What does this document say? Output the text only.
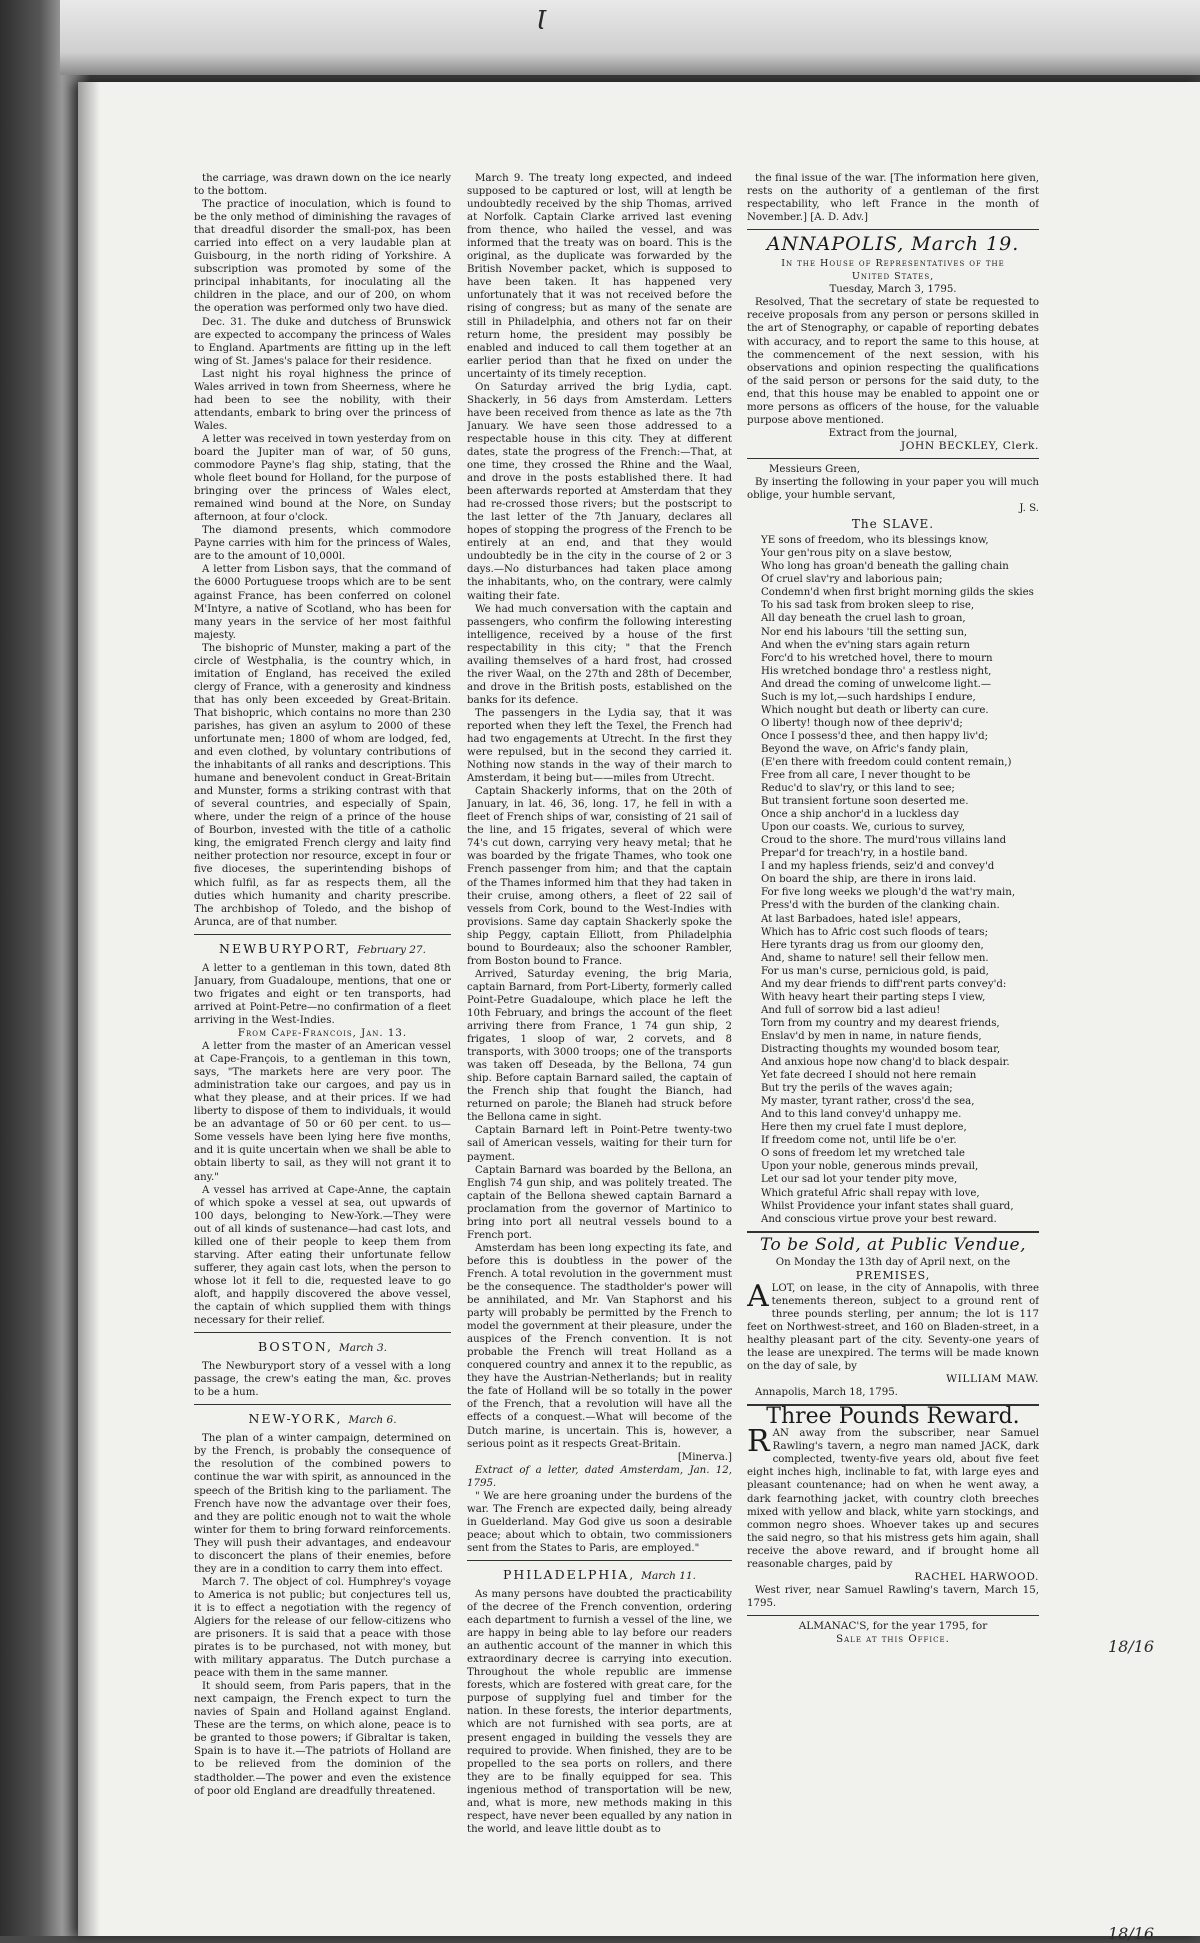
Ɩ

the carriage, was drawn down on the ice nearly to the bottom.

The practice of inoculation, which is found to be the only method of diminishing the ravages of that dreadful disorder the small-pox, has been carried into effect on a very laudable plan at Guisbourg, in the north riding of Yorkshire. A subscription was promoted by some of the principal inhabitants, for inoculating all the children in the place, and our of 200, on whom the operation was performed only two have died.

Dec. 31. The duke and dutchess of Brunswick are expected to accompany the princess of Wales to England. Apartments are fitting up in the left wing of St. James's palace for their residence.

Last night his royal highness the prince of Wales arrived in town from Sheerness, where he had been to see the nobility, with their attendants, embark to bring over the princess of Wales.

A letter was received in town yesterday from on board the Jupiter man of war, of 50 guns, commodore Payne's flag ship, stating, that the whole fleet bound for Holland, for the purpose of bringing over the princess of Wales elect, remained wind bound at the Nore, on Sunday afternoon, at four o'clock.

The diamond presents, which commodore Payne carries with him for the princess of Wales, are to the amount of 10,000l.

A letter from Lisbon says, that the command of the 6000 Portuguese troops which are to be sent against France, has been conferred on colonel M'Intyre, a native of Scotland, who has been for many years in the service of her most faithful majesty.

The bishopric of Munster, making a part of the circle of Westphalia, is the country which, in imitation of England, has received the exiled clergy of France, with a generosity and kindness that has only been exceeded by Great-Britain. That bishopric, which contains no more than 230 parishes, has given an asylum to 2000 of these unfortunate men; 1800 of whom are lodged, fed, and even clothed, by voluntary contributions of the inhabitants of all ranks and descriptions. This humane and benevolent conduct in Great-Britain and Munster, forms a striking contrast with that of several countries, and especially of Spain, where, under the reign of a prince of the house of Bourbon, invested with the title of a catholic king, the emigrated French clergy and laity find neither protection nor resource, except in four or five dioceses, the superintending bishops of which fulfil, as far as respects them, all the duties which humanity and charity prescribe. The archbishop of Toledo, and the bishop of Arunca, are of that number.

NEWBURYPORT, February 27.

A letter to a gentleman in this town, dated 8th January, from Guadaloupe, mentions, that one or two frigates and eight or ten transports, had arrived at Point-Petre—no confirmation of a fleet arriving in the West-Indies.

From Cape-Francois, Jan. 13.

A letter from the master of an American vessel at Cape-François, to a gentleman in this town, says, "The markets here are very poor. The administration take our cargoes, and pay us in what they please, and at their prices. If we had liberty to dispose of them to individuals, it would be an advantage of 50 or 60 per cent. to us—Some vessels have been lying here five months, and it is quite uncertain when we shall be able to obtain liberty to sail, as they will not grant it to any."

A vessel has arrived at Cape-Anne, the captain of which spoke a vessel at sea, out upwards of 100 days, belonging to New-York.—They were out of all kinds of sustenance—had cast lots, and killed one of their people to keep them from starving. After eating their unfortunate fellow sufferer, they again cast lots, when the person to whose lot it fell to die, requested leave to go aloft, and happily discovered the above vessel, the captain of which supplied them with things necessary for their relief.

BOSTON, March 3.

The Newburyport story of a vessel with a long passage, the crew's eating the man, &c. proves to be a hum.

NEW-YORK, March 6.

The plan of a winter campaign, determined on by the French, is probably the consequence of the resolution of the combined powers to continue the war with spirit, as announced in the speech of the British king to the parliament. The French have now the advantage over their foes, and they are politic enough not to wait the whole winter for them to bring forward reinforcements. They will push their advantages, and endeavour to disconcert the plans of their enemies, before they are in a condition to carry them into effect.

March 7. The object of col. Humphrey's voyage to America is not public; but conjectures tell us, it is to effect a negotiation with the regency of Algiers for the release of our fellow-citizens who are prisoners. It is said that a peace with those pirates is to be purchased, not with money, but with military apparatus. The Dutch purchase a peace with them in the same manner.

It should seem, from Paris papers, that in the next campaign, the French expect to turn the navies of Spain and Holland against England. These are the terms, on which alone, peace is to be granted to those powers; if Gibraltar is taken, Spain is to have it.—The patriots of Holland are to be relieved from the dominion of the stadtholder.—The power and even the existence of poor old England are dreadfully threatened.

March 9. The treaty long expected, and indeed supposed to be captured or lost, will at length be undoubtedly received by the ship Thomas, arrived at Norfolk. Captain Clarke arrived last evening from thence, who hailed the vessel, and was informed that the treaty was on board. This is the original, as the duplicate was forwarded by the British November packet, which is supposed to have been taken. It has happened very unfortunately that it was not received before the rising of congress; but as many of the senate are still in Philadelphia, and others not far on their return home, the president may possibly be enabled and induced to call them together at an earlier period than that he fixed on under the uncertainty of its timely reception.

On Saturday arrived the brig Lydia, capt. Shackerly, in 56 days from Amsterdam. Letters have been received from thence as late as the 7th January. We have seen those addressed to a respectable house in this city. They at different dates, state the progress of the French:—That, at one time, they crossed the Rhine and the Waal, and drove in the posts established there. It had been afterwards reported at Amsterdam that they had re-crossed those rivers; but the postscript to the last letter of the 7th January, declares all hopes of stopping the progress of the French to be entirely at an end, and that they would undoubtedly be in the city in the course of 2 or 3 days.—No disturbances had taken place among the inhabitants, who, on the contrary, were calmly waiting their fate.

We had much conversation with the captain and passengers, who confirm the following interesting intelligence, received by a house of the first respectability in this city; " that the French availing themselves of a hard frost, had crossed the river Waal, on the 27th and 28th of December, and drove in the British posts, established on the banks for its defence.

The passengers in the Lydia say, that it was reported when they left the Texel, the French had had two engagements at Utrecht. In the first they were repulsed, but in the second they carried it. Nothing now stands in the way of their march to Amsterdam, it being but——miles from Utrecht.

Captain Shackerly informs, that on the 20th of January, in lat. 46, 36, long. 17, he fell in with a fleet of French ships of war, consisting of 21 sail of the line, and 15 frigates, several of which were 74's cut down, carrying very heavy metal; that he was boarded by the frigate Thames, who took one French passenger from him; and that the captain of the Thames informed him that they had taken in their cruise, among others, a fleet of 22 sail of vessels from Cork, bound to the West-Indies with provisions. Same day captain Shackerly spoke the ship Peggy, captain Elliott, from Philadelphia bound to Bourdeaux; also the schooner Rambler, from Boston bound to France.

Arrived, Saturday evening, the brig Maria, captain Barnard, from Port-Liberty, formerly called Point-Petre Guadaloupe, which place he left the 10th February, and brings the account of the fleet arriving there from France, 1 74 gun ship, 2 frigates, 1 sloop of war, 2 corvets, and 8 transports, with 3000 troops; one of the transports was taken off Deseada, by the Bellona, 74 gun ship. Before captain Barnard sailed, the captain of the French ship that fought the Bianch, had returned on parole; the Blaneh had struck before the Bellona came in sight.

Captain Barnard left in Point-Petre twenty-two sail of American vessels, waiting for their turn for payment.

Captain Barnard was boarded by the Bellona, an English 74 gun ship, and was politely treated. The captain of the Bellona shewed captain Barnard a proclamation from the governor of Martinico to bring into port all neutral vessels bound to a French port.

Amsterdam has been long expecting its fate, and before this is doubtless in the power of the French. A total revolution in the government must be the consequence. The stadtholder's power will be annihilated, and Mr. Van Staphorst and his party will probably be permitted by the French to model the government at their pleasure, under the auspices of the French convention. It is not probable the French will treat Holland as a conquered country and annex it to the republic, as they have the Austrian-Netherlands; but in reality the fate of Holland will be so totally in the power of the French, that a revolution will have all the effects of a conquest.—What will become of the Dutch marine, is uncertain. This is, however, a serious point as it respects Great-Britain.

[Minerva.]

Extract of a letter, dated Amsterdam, Jan. 12, 1795.

" We are here groaning under the burdens of the war. The French are expected daily, being already in Guelderland. May God give us soon a desirable peace; about which to obtain, two commissioners sent from the States to Paris, are employed."

PHILADELPHIA, March 11.

As many persons have doubted the practicability of the decree of the French convention, ordering each department to furnish a vessel of the line, we are happy in being able to lay before our readers an authentic account of the manner in which this extraordinary decree is carrying into execution. Throughout the whole republic are immense forests, which are fostered with great care, for the purpose of supplying fuel and timber for the nation. In these forests, the interior departments, which are not furnished with sea ports, are at present engaged in building the vessels they are required to provide. When finished, they are to be propelled to the sea ports on rollers, and there they are to be finally equipped for sea. This ingenious method of transportation will be new, and, what is more, new methods making in this respect, have never been equalled by any nation in the world, and leave little doubt as to

the final issue of the war. [The information here given, rests on the authority of a gentleman of the first respectability, who left France in the month of November.] [A. D. Adv.]

ANNAPOLIS, March 19.

In the House of Representatives of the

United States,

Tuesday, March 3, 1795.

Resolved, That the secretary of state be requested to receive proposals from any person or persons skilled in the art of Stenography, or capable of reporting debates with accuracy, and to report the same to this house, at the commencement of the next session, with his observations and opinion respecting the qualifications of the said person or persons for the said duty, to the end, that this house may be enabled to appoint one or more persons as officers of the house, for the valuable purpose above mentioned.

Extract from the journal,

JOHN BECKLEY, Clerk.

Messieurs Green,

By inserting the following in your paper you will much oblige, your humble servant,

J. S.

The SLAVE.

YE sons of freedom, who its blessings know,

Your gen'rous pity on a slave bestow,

Who long has groan'd beneath the galling chain

Of cruel slav'ry and laborious pain;

Condemn'd when first bright morning gilds the skies

To his sad task from broken sleep to rise,

All day beneath the cruel lash to groan,

Nor end his labours 'till the setting sun,

And when the ev'ning stars again return

Forc'd to his wretched hovel, there to mourn

His wretched bondage thro' a restless night,

And dread the coming of unwelcome light.—

Such is my lot,—such hardships I endure,

Which nought but death or liberty can cure.

O liberty! though now of thee depriv'd;

Once I possess'd thee, and then happy liv'd;

Beyond the wave, on Afric's fandy plain,

(E'en there with freedom could content remain,)

Free from all care, I never thought to be

Reduc'd to slav'ry, or this land to see;

But transient fortune soon deserted me.

Once a ship anchor'd in a luckless day

Upon our coasts. We, curious to survey,

Croud to the shore. The murd'rous villains land

Prepar'd for treach'ry, in a hostile band.

I and my hapless friends, seiz'd and convey'd

On board the ship, are there in irons laid.

For five long weeks we plough'd the wat'ry main,

Press'd with the burden of the clanking chain.

At last Barbadoes, hated isle! appears,

Which has to Afric cost such floods of tears;

Here tyrants drag us from our gloomy den,

And, shame to nature! sell their fellow men.

For us man's curse, pernicious gold, is paid,

And my dear friends to diff'rent parts convey'd:

With heavy heart their parting steps I view,

And full of sorrow bid a last adieu!

Torn from my country and my dearest friends,

Enslav'd by men in name, in nature fiends,

Distracting thoughts my wounded bosom tear,

And anxious hope now chang'd to black despair.

Yet fate decreed I should not here remain

But try the perils of the waves again;

My master, tyrant rather, cross'd the sea,

And to this land convey'd unhappy me.

Here then my cruel fate I must deplore,

If freedom come not, until life be o'er.

O sons of freedom let my wretched tale

Upon your noble, generous minds prevail,

Let our sad lot your tender pity move,

Which grateful Afric shall repay with love,

Whilst Providence your infant states shall guard,

And conscious virtue prove your best reward.

To be Sold, at Public Vendue,

On Monday the 13th day of April next, on the

PREMISES,

ALOT, on lease, in the city of Annapolis, with three tenements thereon, subject to a ground rent of three pounds sterling, per annum; the lot is 117 feet on Northwest-street, and 160 on Bladen-street, in a healthy pleasant part of the city. Seventy-one years of the lease are unexpired. The terms will be made known on the day of sale, by

WILLIAM MAW.

Annapolis, March 18, 1795.

Three Pounds Reward.

RAN away from the subscriber, near Samuel Rawling's tavern, a negro man named JACK, dark complected, twenty-five years old, about five feet eight inches high, inclinable to fat, with large eyes and pleasant countenance; had on when he went away, a dark fearnothing jacket, with country cloth breeches mixed with yellow and black, white yarn stockings, and common negro shoes. Whoever takes up and secures the said negro, so that his mistress gets him again, shall receive the above reward, and if brought home all reasonable charges, paid by

RACHEL HARWOOD.

West river, near Samuel Rawling's tavern, March 15, 1795.

ALMANAC'S, for the year 1795, for

Sale at this Office.	18/16
18/16
